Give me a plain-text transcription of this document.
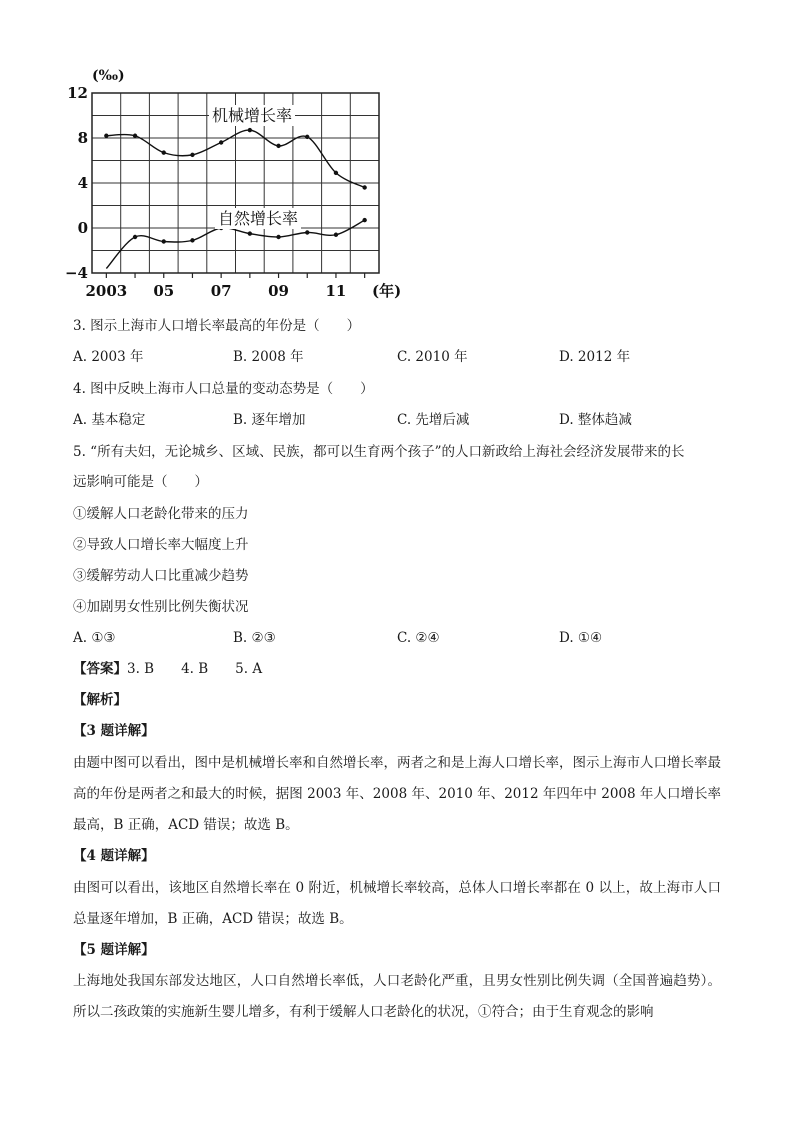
机械增长率
自然增长率
12
8
4
0
−4
2003 05 07 09 11
(‰)
(年)
3. 图示上海市人口增长率最高的年份是（　　）
A. 2003 年	B. 2008 年	C. 2010 年	D. 2012 年
4. 图中反映上海市人口总量的变动态势是（　　）
A. 基本稳定	B. 逐年增加	C. 先增后减	D. 整体趋减
5. “所有夫妇，无论城乡、区域、民族，都可以生育两个孩子”的人口新政给上海社会经济发展带来的长
远影响可能是（　　）
①缓解人口老龄化带来的压力
②导致人口增长率大幅度上升
③缓解劳动人口比重减少趋势
④加剧男女性别比例失衡状况
A. ①③	B. ②③	C. ②④	D. ①④
【答案】3. B　　4. B　　5. A
【解析】
【3 题详解】
由题中图可以看出，图中是机械增长率和自然增长率，两者之和是上海人口增长率，图示上海市人口增长率最高的年份是两者之和最大的时候，据图 2003 年、2008 年、2010 年、2012 年四年中 2008 年人口增长率最高，B 正确，ACD 错误；故选 B。
【4 题详解】
由图可以看出，该地区自然增长率在 0 附近，机械增长率较高，总体人口增长率都在 0 以上，故上海市人口总量逐年增加，B 正确，ACD 错误；故选 B。
【5 题详解】
上海地处我国东部发达地区，人口自然增长率低，人口老龄化严重，且男女性别比例失调（全国普遍趋势）。所以二孩政策的实施新生婴儿增多，有利于缓解人口老龄化的状况，①符合；由于生育观念的影响
